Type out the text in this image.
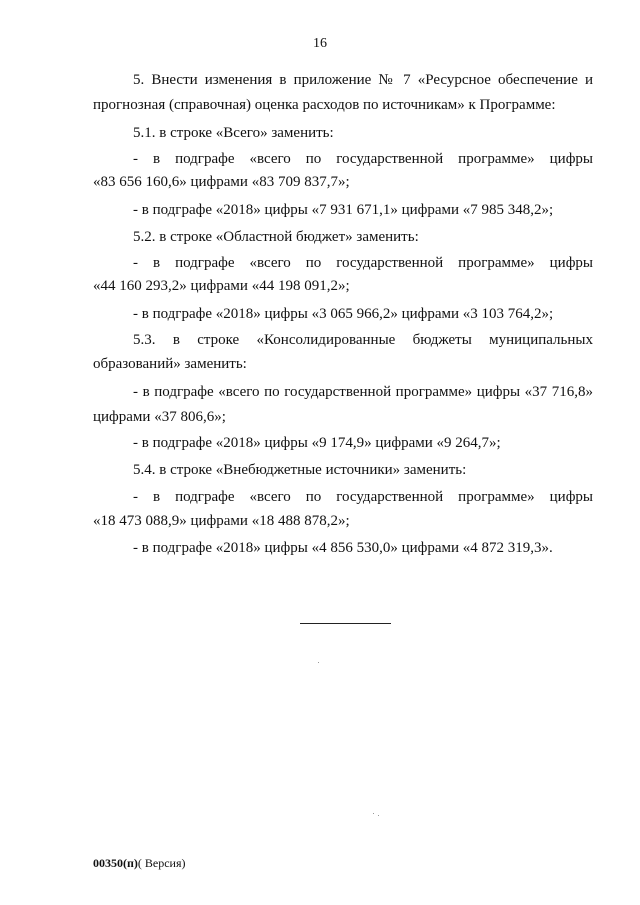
16
5. Внести изменения в приложение № 7 «Ресурсное обеспечение и
прогнозная (справочная) оценка расходов по источникам» к Программе:
5.1. в строке «Всего» заменить:
- в подграфе «всего по государственной программе» цифры
«83 656 160,6» цифрами «83 709 837,7»;
- в подграфе «2018» цифры «7 931 671,1» цифрами «7 985 348,2»;
5.2. в строке «Областной бюджет» заменить:
- в подграфе «всего по государственной программе» цифры
«44 160 293,2» цифрами «44 198 091,2»;
- в подграфе «2018» цифры «3 065 966,2» цифрами «3 103 764,2»;
5.3. в строке «Консолидированные бюджеты муниципальных
образований» заменить:
- в подграфе «всего по государственной программе» цифры «37 716,8»
цифрами «37 806,6»;
- в подграфе «2018» цифры «9 174,9» цифрами «9 264,7»;
5.4. в строке «Внебюджетные источники» заменить:
- в подграфе «всего по государственной программе» цифры
«18 473 088,9» цифрами «18 488 878,2»;
- в подграфе «2018» цифры «4 856 530,0» цифрами «4 872 319,3».
00350(п)( Версия)
